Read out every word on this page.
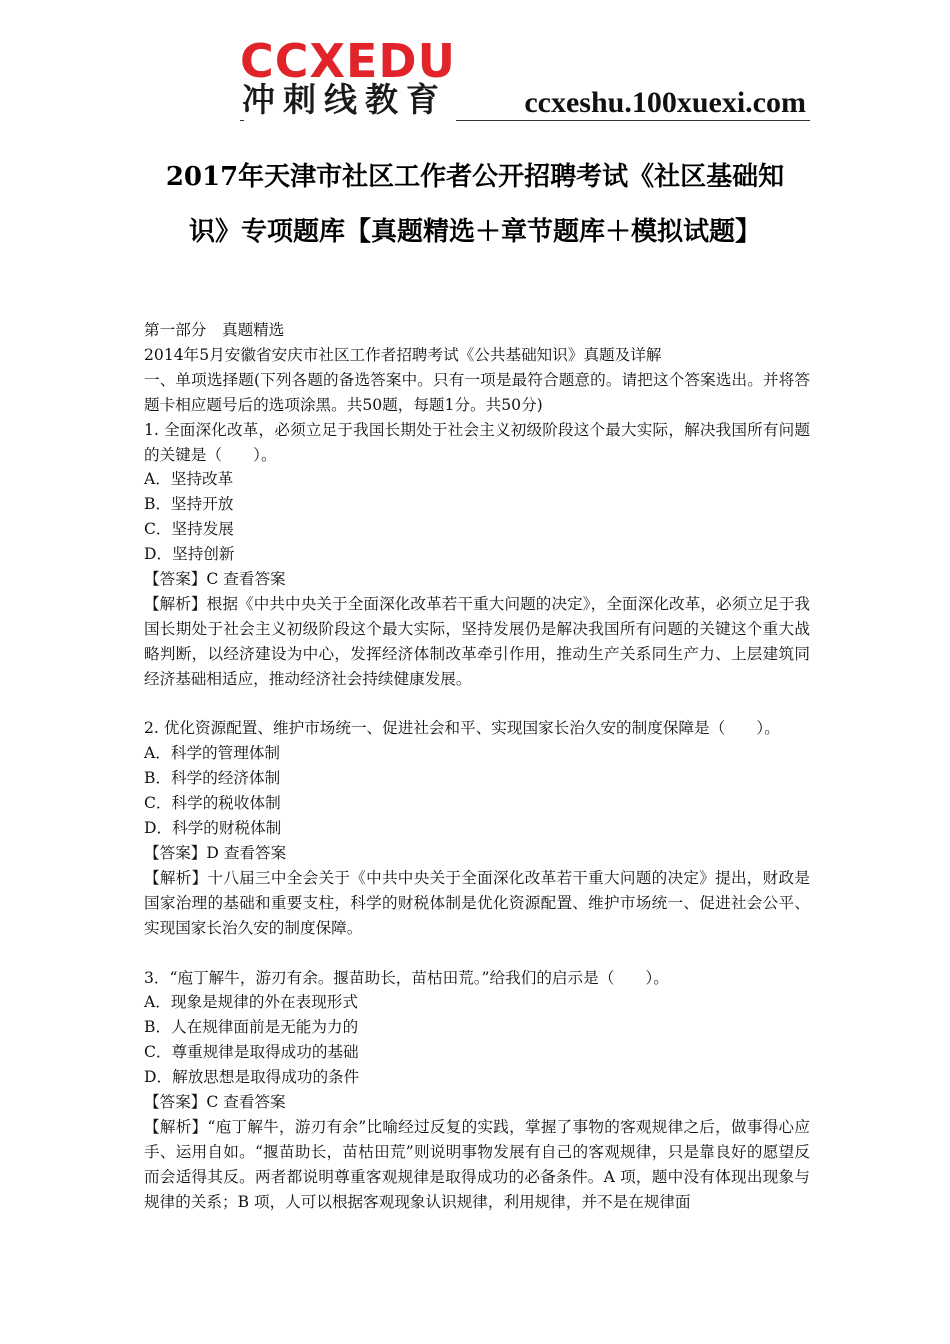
CCXEDU
冲刺线教育	ccxeshu.100xuexi.com
2017年天津市社区工作者公开招聘考试《社区基础知
识》专项题库【真题精选＋章节题库＋模拟试题】

第一部分　真题精选

2014年5月安徽省安庆市社区工作者招聘考试《公共基础知识》真题及详解

一、单项选择题(下列各题的备选答案中。只有一项是最符合题意的。请把这个答案选出。并将答题卡相应题号后的选项涂黑。共50题，每题1分。共50分)

1. 全面深化改革，必须立足于我国长期处于社会主义初级阶段这个最大实际，解决我国所有问题的关键是（　　）。

A．坚持改革

B．坚持开放

C．坚持发展

D．坚持创新

【答案】C 查看答案

【解析】根据《中共中央关于全面深化改革若干重大问题的决定》，全面深化改革，必须立足于我国长期处于社会主义初级阶段这个最大实际，坚持发展仍是解决我国所有问题的关键这个重大战略判断，以经济建设为中心，发挥经济体制改革牵引作用，推动生产关系同生产力、上层建筑同经济基础相适应，推动经济社会持续健康发展。

2. 优化资源配置、维护市场统一、促进社会和平、实现国家长治久安的制度保障是（　　）。

A．科学的管理体制

B．科学的经济体制

C．科学的税收体制

D．科学的财税体制

【答案】D 查看答案

【解析】十八届三中全会关于《中共中央关于全面深化改革若干重大问题的决定》提出，财政是国家治理的基础和重要支柱，科学的财税体制是优化资源配置、维护市场统一、促进社会公平、实现国家长治久安的制度保障。

3．“庖丁解牛，游刃有余。揠苗助长，苗枯田荒。”给我们的启示是（　　）。

A．现象是规律的外在表现形式

B．人在规律面前是无能为力的

C．尊重规律是取得成功的基础

D．解放思想是取得成功的条件

【答案】C 查看答案

【解析】“庖丁解牛，游刃有余”比喻经过反复的实践，掌握了事物的客观规律之后，做事得心应手、运用自如。“揠苗助长，苗枯田荒”则说明事物发展有自己的客观规律，只是靠良好的愿望反而会适得其反。两者都说明尊重客观规律是取得成功的必备条件。A 项，题中没有体现出现象与规律的关系；B 项，人可以根据客观现象认识规律，利用规律，并不是在规律面
